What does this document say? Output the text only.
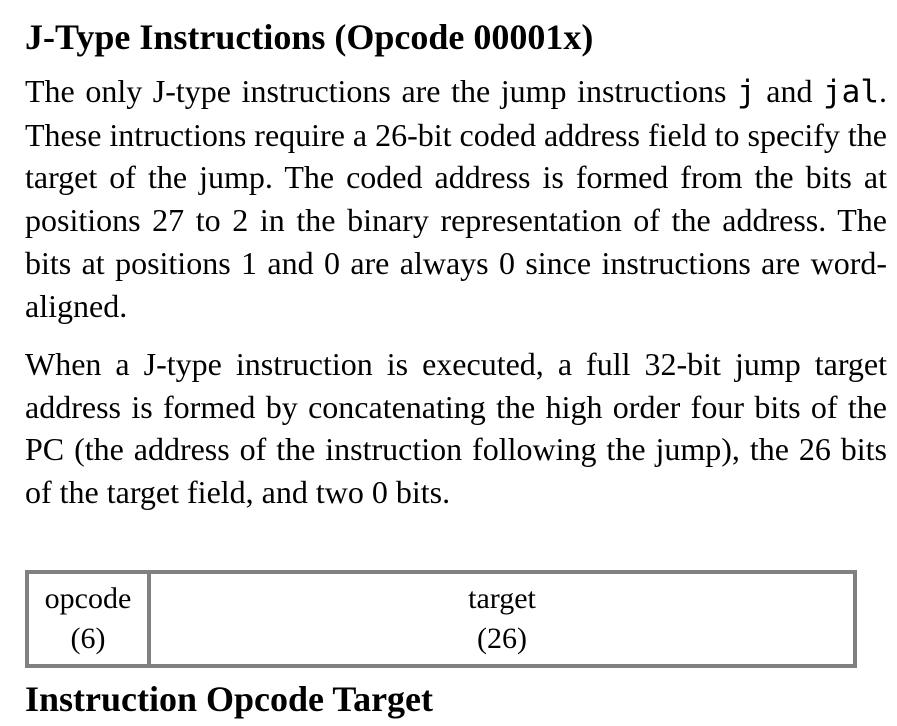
J-Type Instructions (Opcode 00001x)

The only J-type instructions are the jump instructions j and jal. These intructions require a 26-bit coded address field to specify the target of the jump. The coded address is formed from the bits at positions 27 to 2 in the binary representation of the address. The bits at positions 1 and 0 are always 0 since instructions are word-aligned.

When a J-type instruction is executed, a full 32-bit jump target address is formed by concatenating the high order four bits of the PC (the address of the instruction following the jump), the 26 bits of the target field, and two 0 bits.

opcode
(6)
target
(26)
Instruction Opcode Target
